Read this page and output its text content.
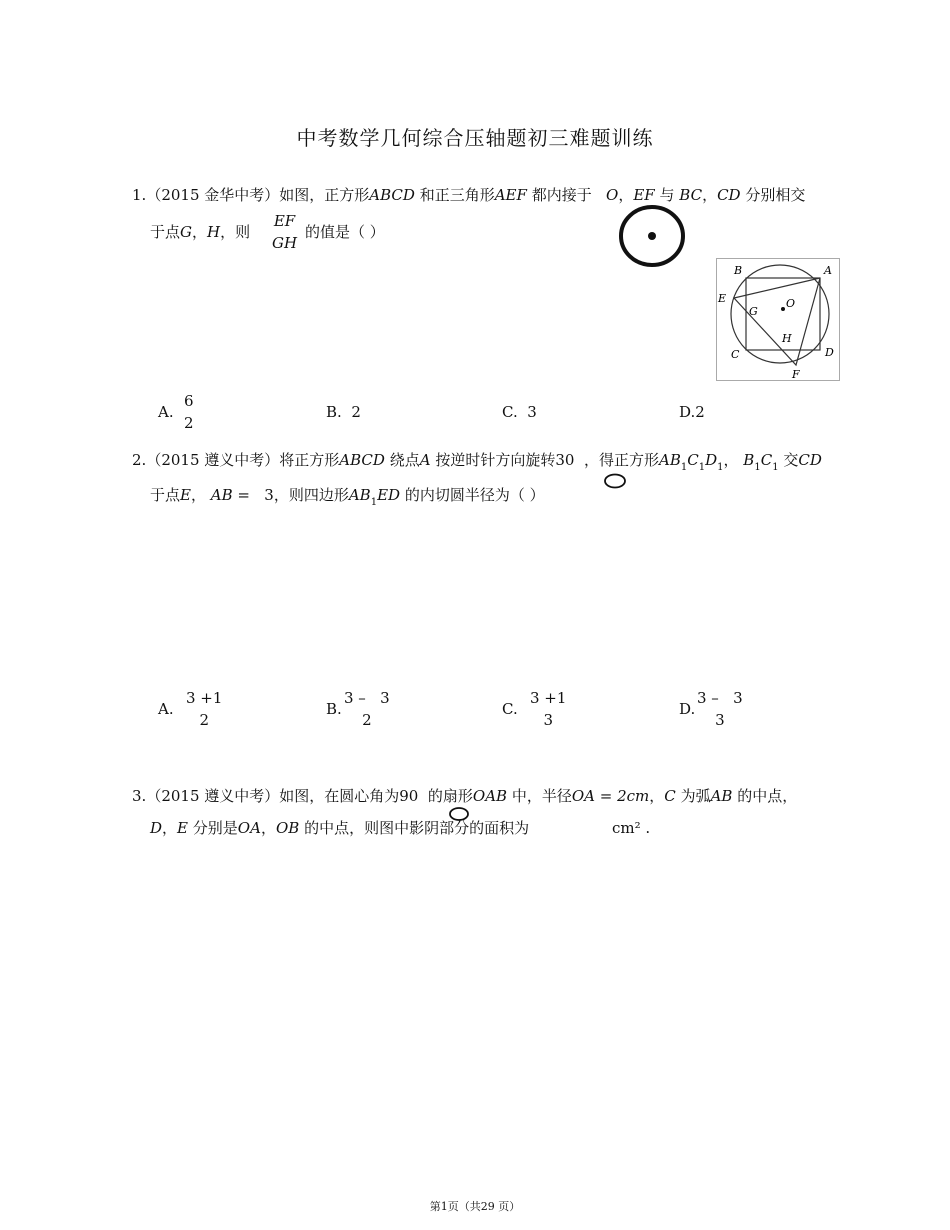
中考数学几何综合压轴题初三难题训练
1.（2015 金华中考）如图，正方形ABCD 和正三角形AEF 都内接于 O，EF 与 BC，CD 分别相交
于点G，H，则
EF
GH
的值是（ ）
B	A
E
G
O
H
C	D
F
A.
6
2
B. 2	C. 3	D.2
2.（2015 遵义中考）将正方形ABCD 绕点A 按逆时针方向旋转30 ，得正方形$AB_1C_1D_1$， $B_1C_1$ 交CD
于点E， AB = 3，则四边形$AB_1ED$ 的内切圆半径为（ ）
A.
3 +1
2
B.
3 –   3
2
C.
3 +1
3
D.
3 –   3
3
3.（2015 遵义中考）如图，在圆心角为90 的扇形OAB 中，半径OA = 2cm，C 为弧AB 的中点，
D，E 分别是OA，OB 的中点，则图中影阴部分的面积为	cm² .
第1页（共29 页）
